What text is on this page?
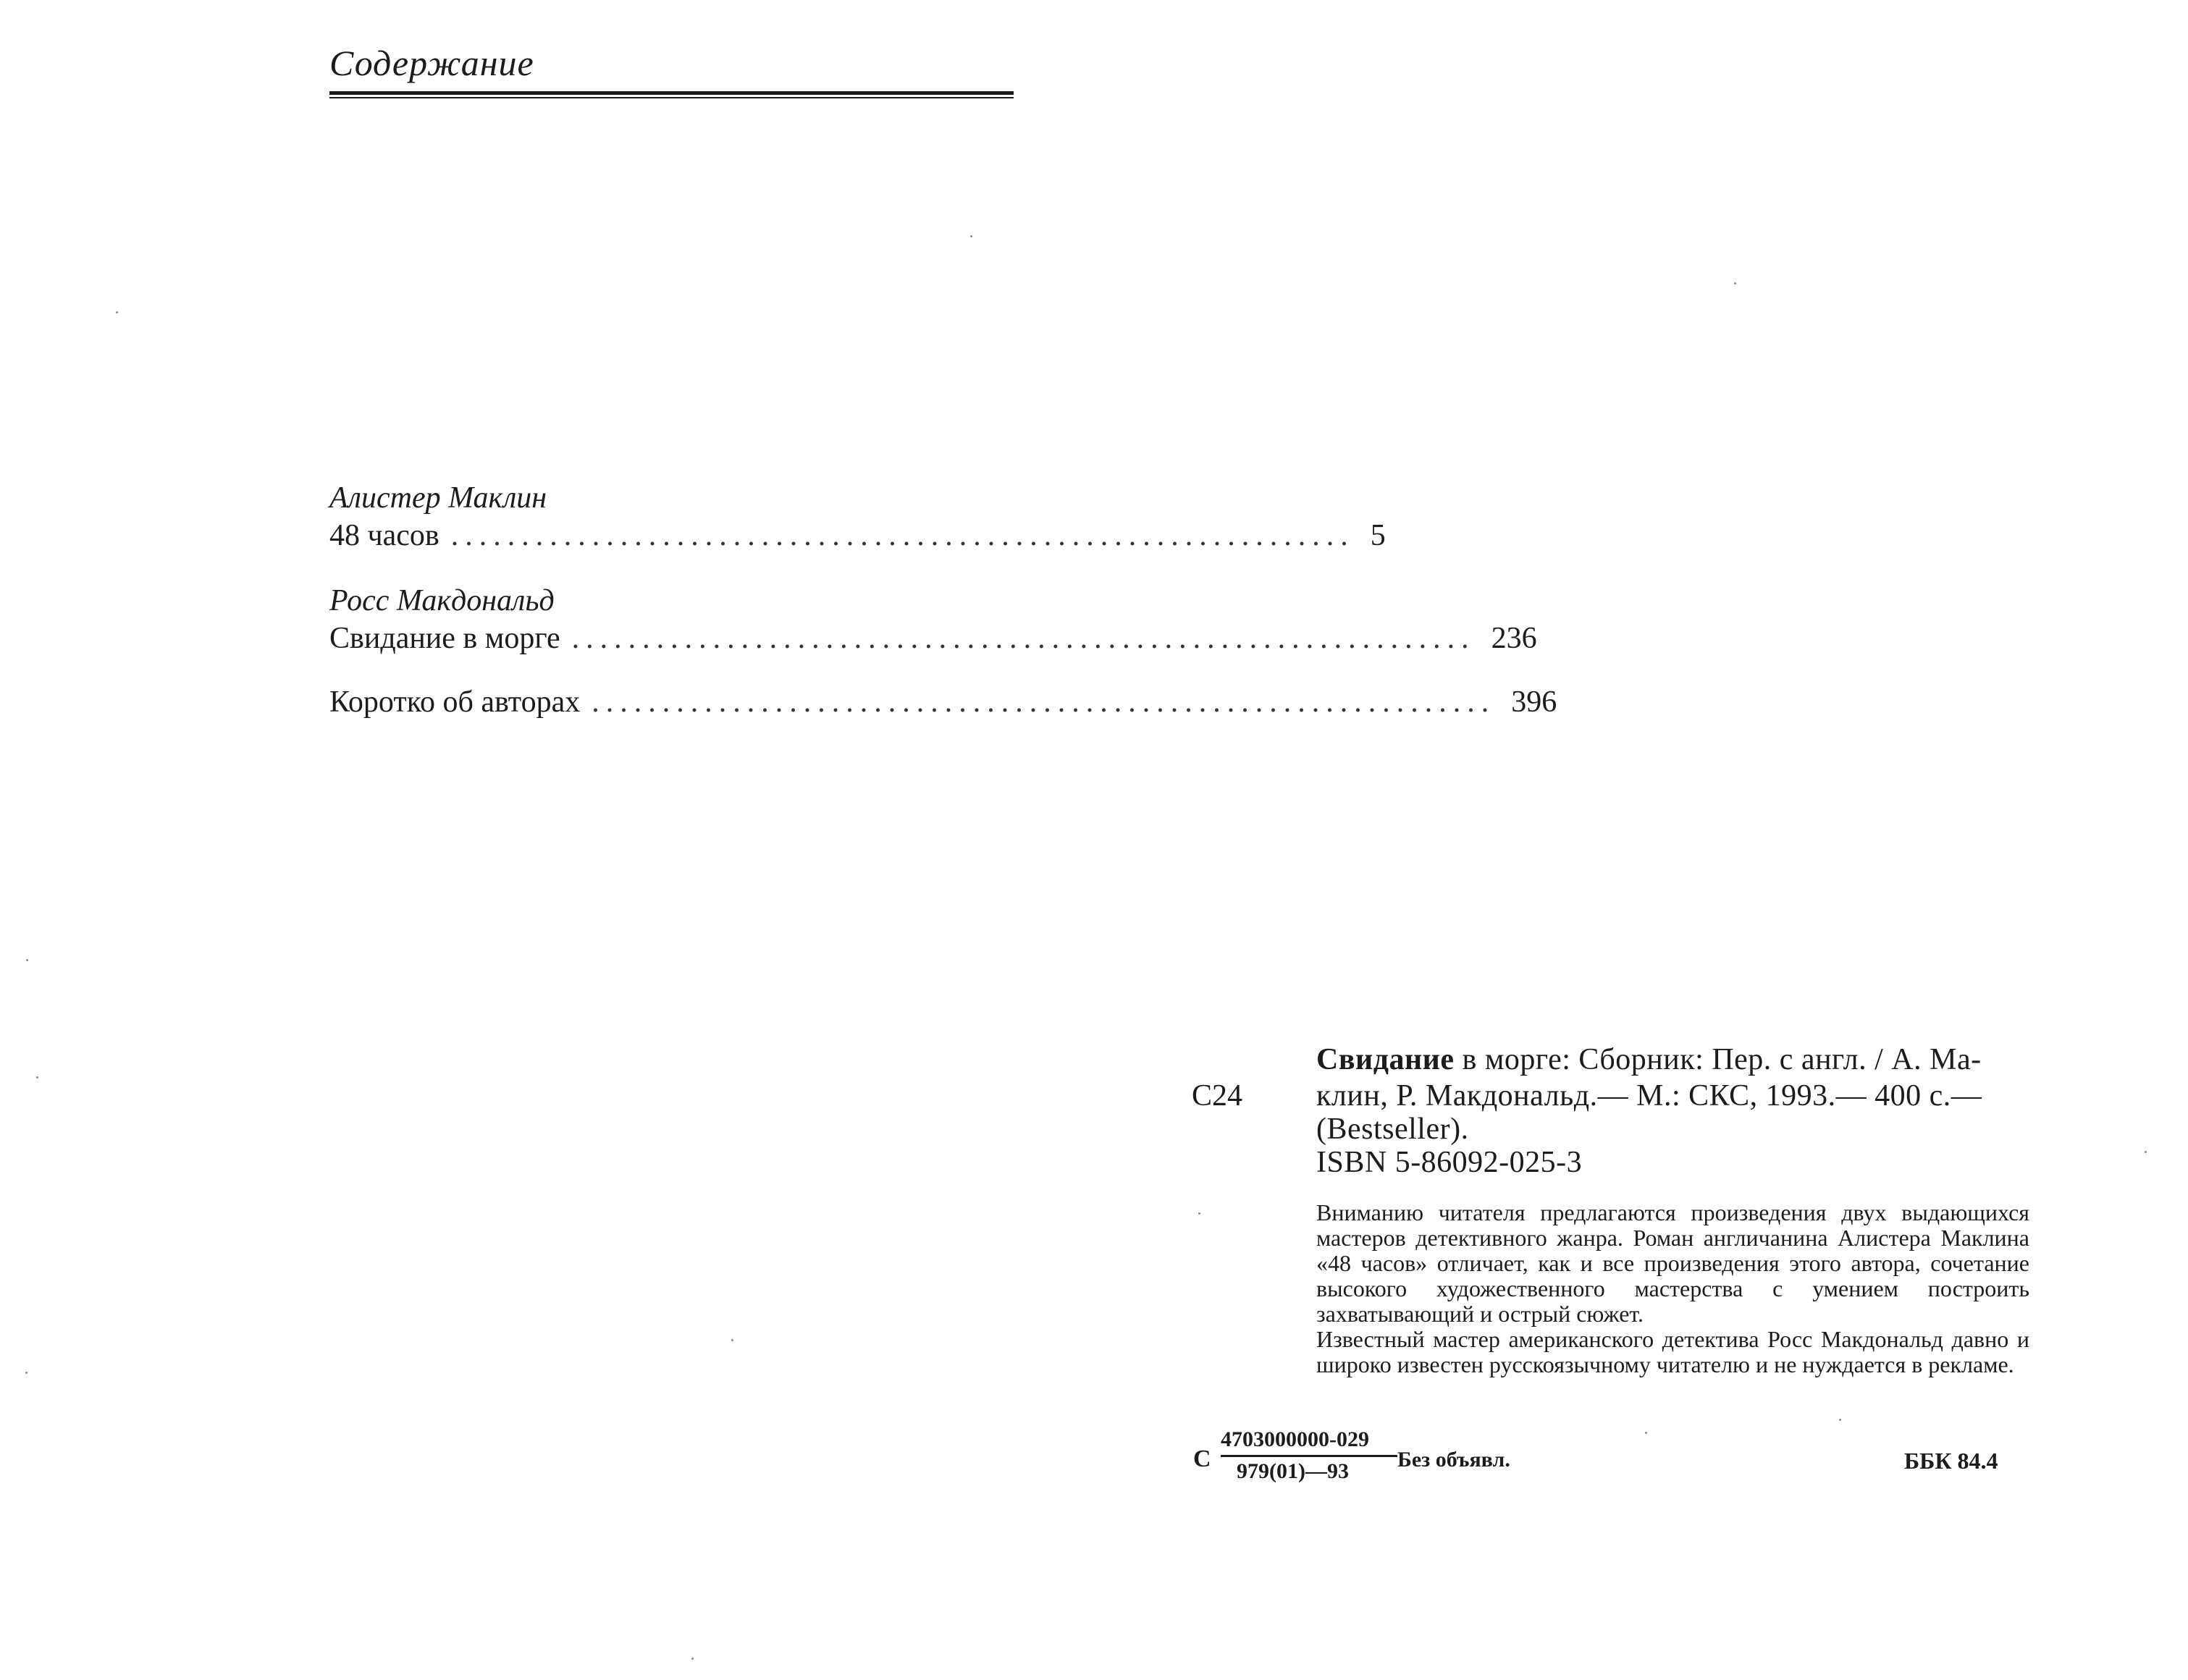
Содержание
Алистер Маклин
48 часов ................................................................ 5
Росс Макдональд
Свидание в морге ................................................................ 236
Коротко об авторах ................................................................ 396
Свидание в морге: Сборник: Пер. с англ. / А. Ма-
С24 клин, Р. Макдональд.— М.: СКС, 1993.— 400 с.—
(Bestseller).
ISBN 5-86092-025-3
Вниманию читателя предлагаются произведения двух выдающихся мастеров детективного жанра. Роман англичанина Алистера Маклина «48 часов» отличает, как и все произведения этого автора, сочетание высокого художественного мастерства с умением построить захватывающий и острый сюжет.
Известный мастер американского детектива Росс Макдональд давно и широко известен русскоязычному читателю и не нуждается в рекламе.
С
4703000000-029
979(01)—93 Без объявл.	ББК 84.4
